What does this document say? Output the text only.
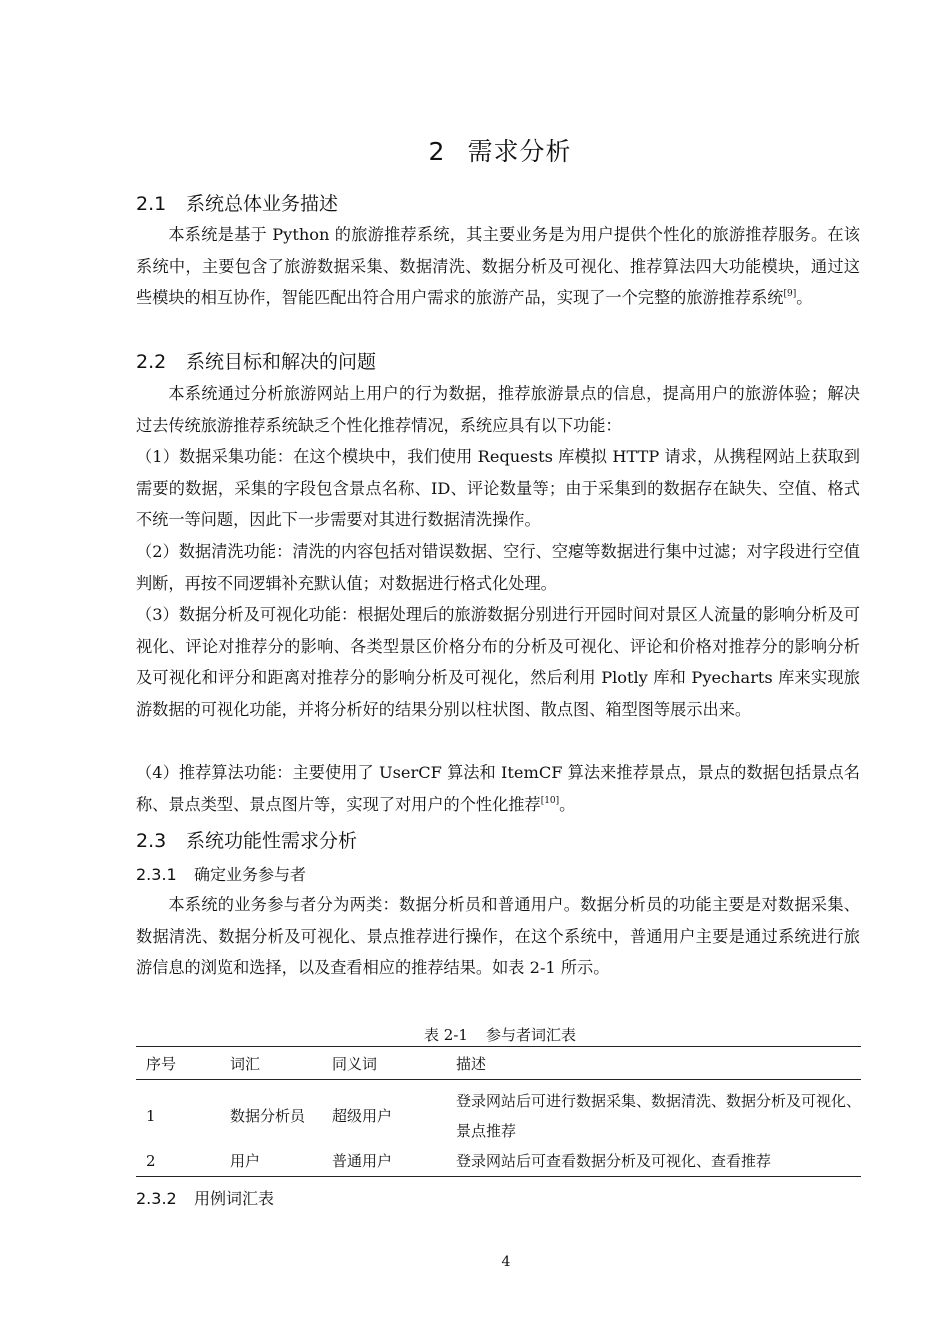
2 需求分析
2.1 系统总体业务描述

本系统是基于 Python 的旅游推荐系统，其主要业务是为用户提供个性化的旅游推荐服务。在该系统中，主要包含了旅游数据采集、数据清洗、数据分析及可视化、推荐算法四大功能模块，通过这些模块的相互协作，智能匹配出符合用户需求的旅游产品，实现了一个完整的旅游推荐系统[9]。

2.2 系统目标和解决的问题

本系统通过分析旅游网站上用户的行为数据，推荐旅游景点的信息，提高用户的旅游体验；解决过去传统旅游推荐系统缺乏个性化推荐情况，系统应具有以下功能：

（1）数据采集功能：在这个模块中，我们使用 Requests 库模拟 HTTP 请求，从携程网站上获取到需要的数据，采集的字段包含景点名称、ID、评论数量等；由于采集到的数据存在缺失、空值、格式不统一等问题，因此下一步需要对其进行数据清洗操作。

（2）数据清洗功能：清洗的内容包括对错误数据、空行、空瘪等数据进行集中过滤；对字段进行空值判断，再按不同逻辑补充默认值；对数据进行格式化处理。

（3）数据分析及可视化功能：根据处理后的旅游数据分别进行开园时间对景区人流量的影响分析及可视化、评论对推荐分的影响、各类型景区价格分布的分析及可视化、评论和价格对推荐分的影响分析及可视化和评分和距离对推荐分的影响分析及可视化，然后利用 Plotly 库和 Pyecharts 库来实现旅游数据的可视化功能，并将分析好的结果分别以柱状图、散点图、箱型图等展示出来。

（4）推荐算法功能：主要使用了 UserCF 算法和 ItemCF 算法来推荐景点，景点的数据包括景点名称、景点类型、景点图片等，实现了对用户的个性化推荐[10]。

2.3 系统功能性需求分析
2.3.1 确定业务参与者

本系统的业务参与者分为两类：数据分析员和普通用户。数据分析员的功能主要是对数据采集、数据清洗、数据分析及可视化、景点推荐进行操作，在这个系统中，普通用户主要是通过系统进行旅游信息的浏览和选择，以及查看相应的推荐结果。如表 2-1 所示。

表 2-1 参与者词汇表
序号	词汇	同义词	描述
1	数据分析员	超级用户	登录网站后可进行数据采集、数据清洗、数据分析及可视化、景点推荐
2	用户	普通用户	登录网站后可查看数据分析及可视化、查看推荐
2.3.2 用例词汇表
4
